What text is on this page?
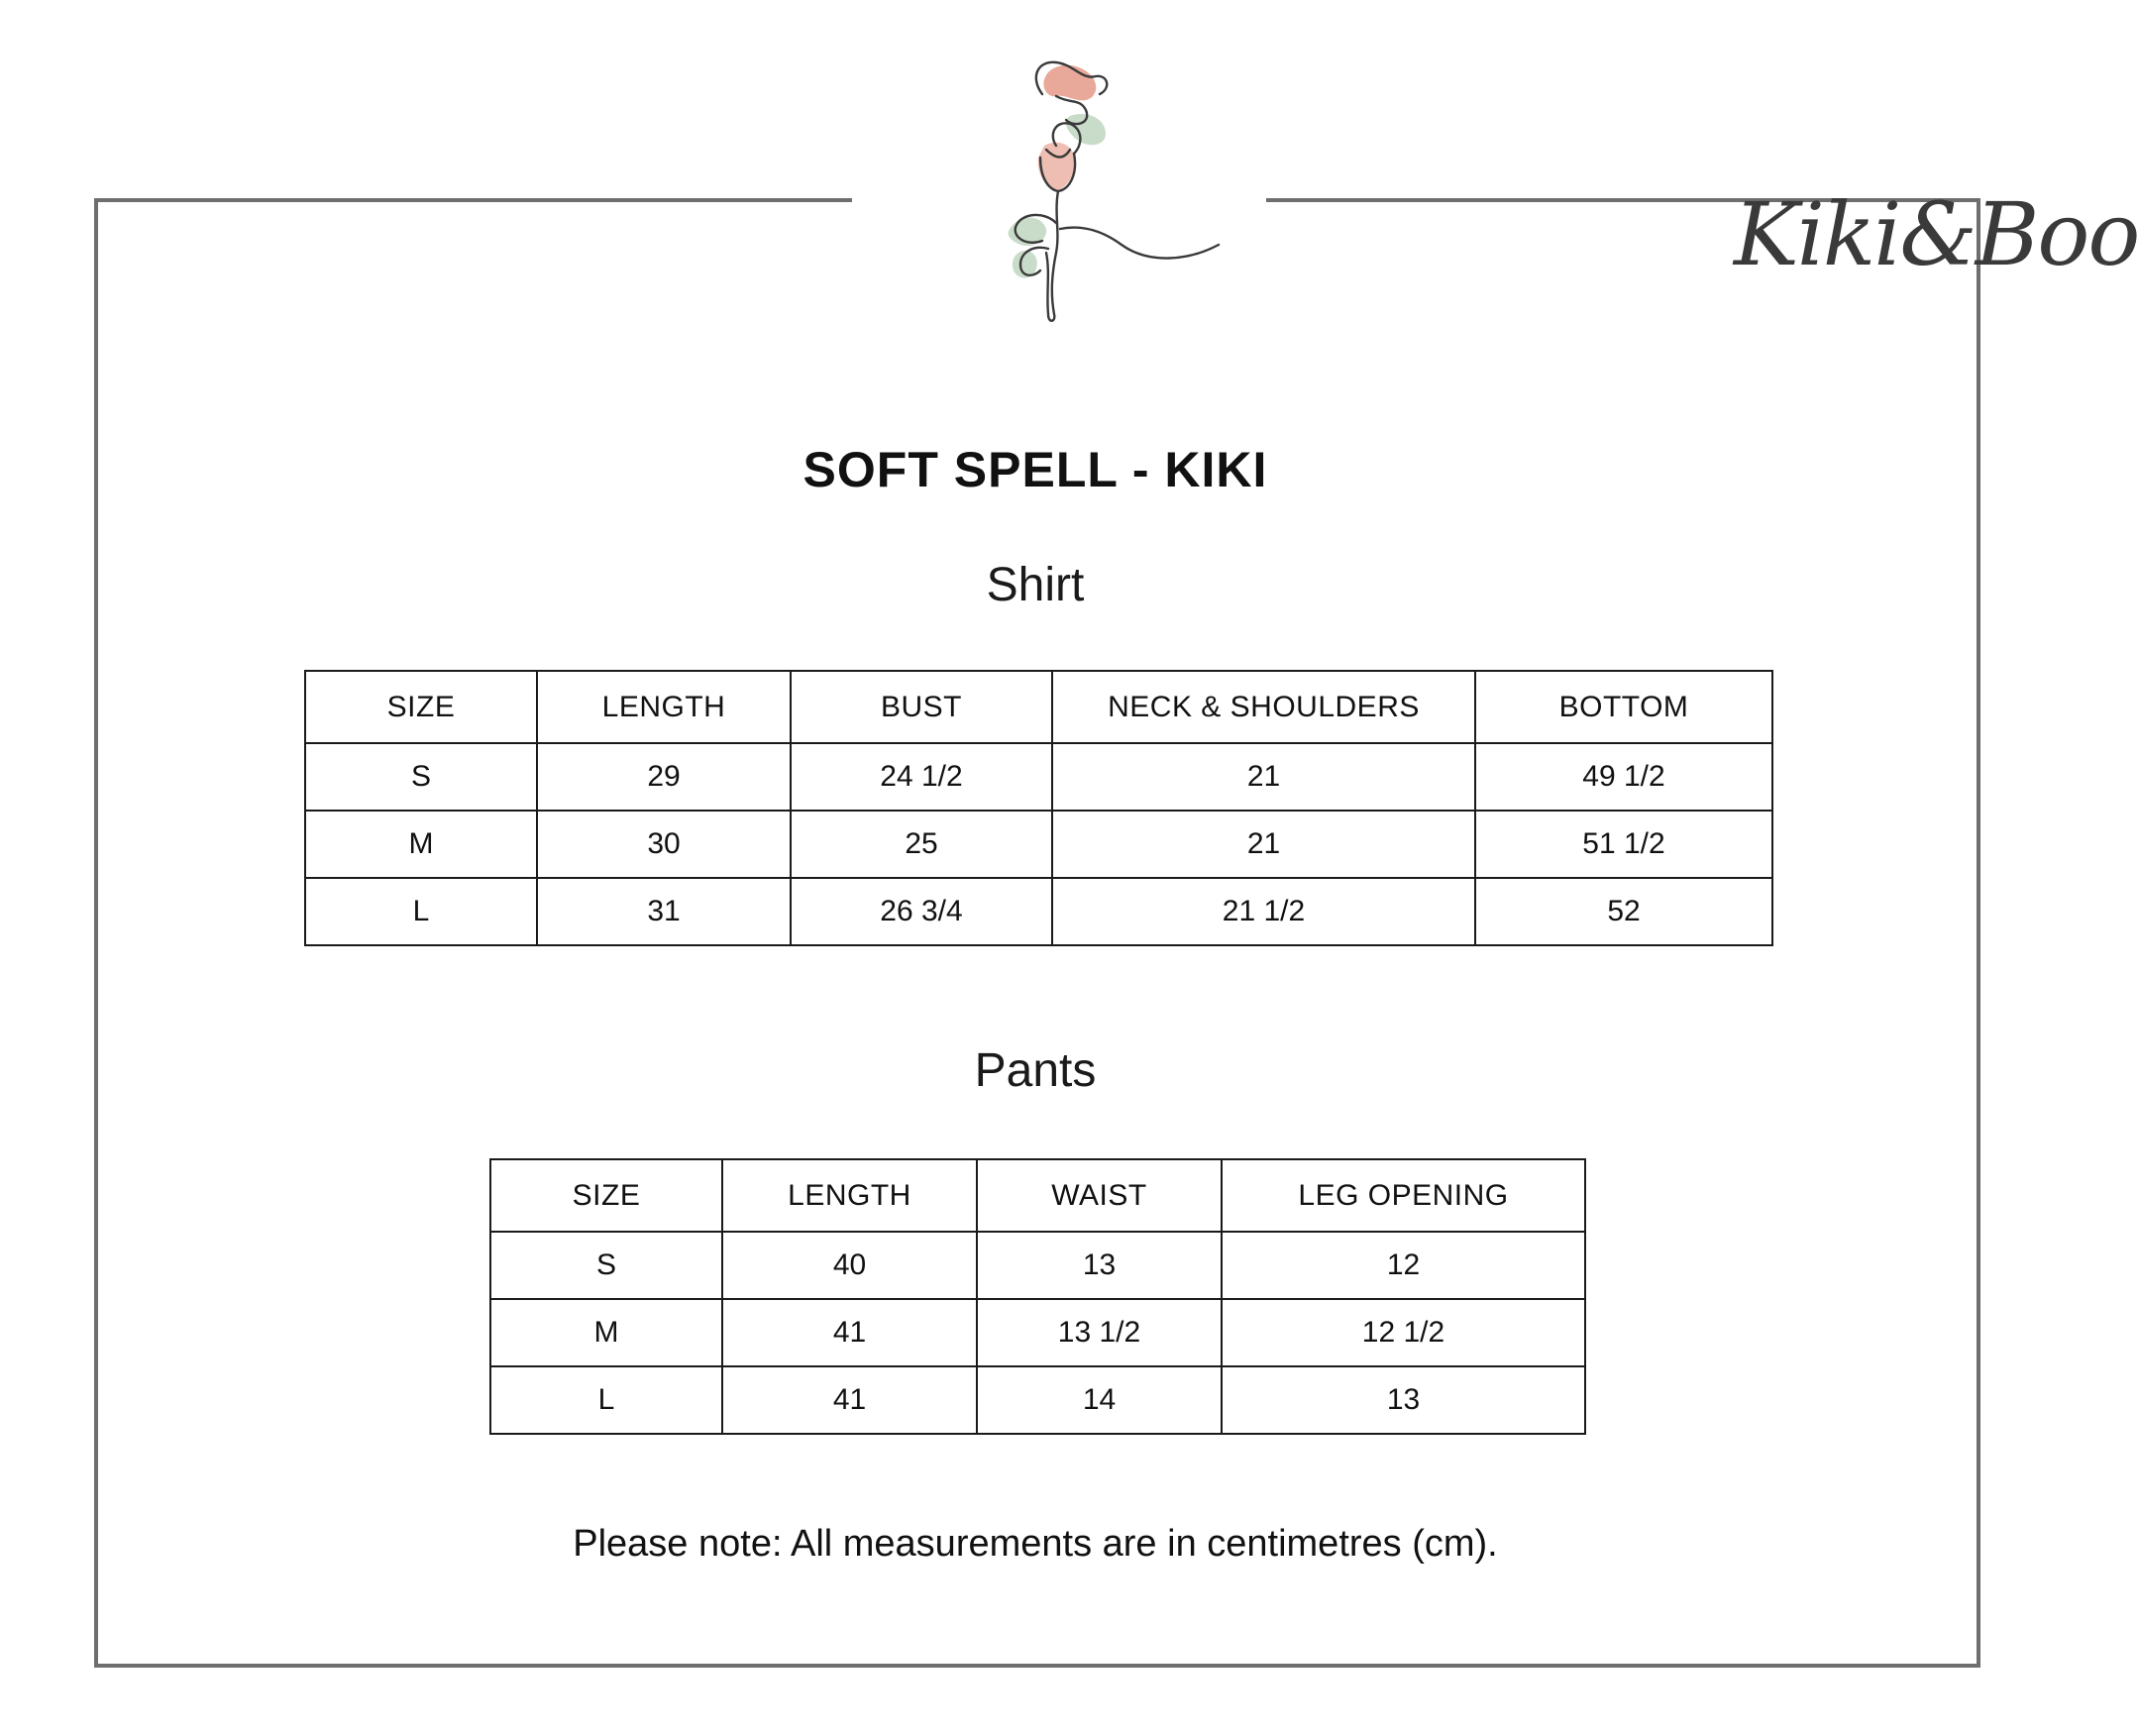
Kiki&Boo
SOFT SPELL - KIKI
Shirt
SIZE	LENGTH	BUST	NECK & SHOULDERS	BOTTOM
S	29	24 1/2	21	49 1/2
M	30	25	21	51 1/2
L	31	26 3/4	21 1/2	52
Pants
SIZE	LENGTH	WAIST	LEG OPENING
S	40	13	12
M	41	13 1/2	12 1/2
L	41	14	13
Please note: All measurements are in centimetres (cm).
